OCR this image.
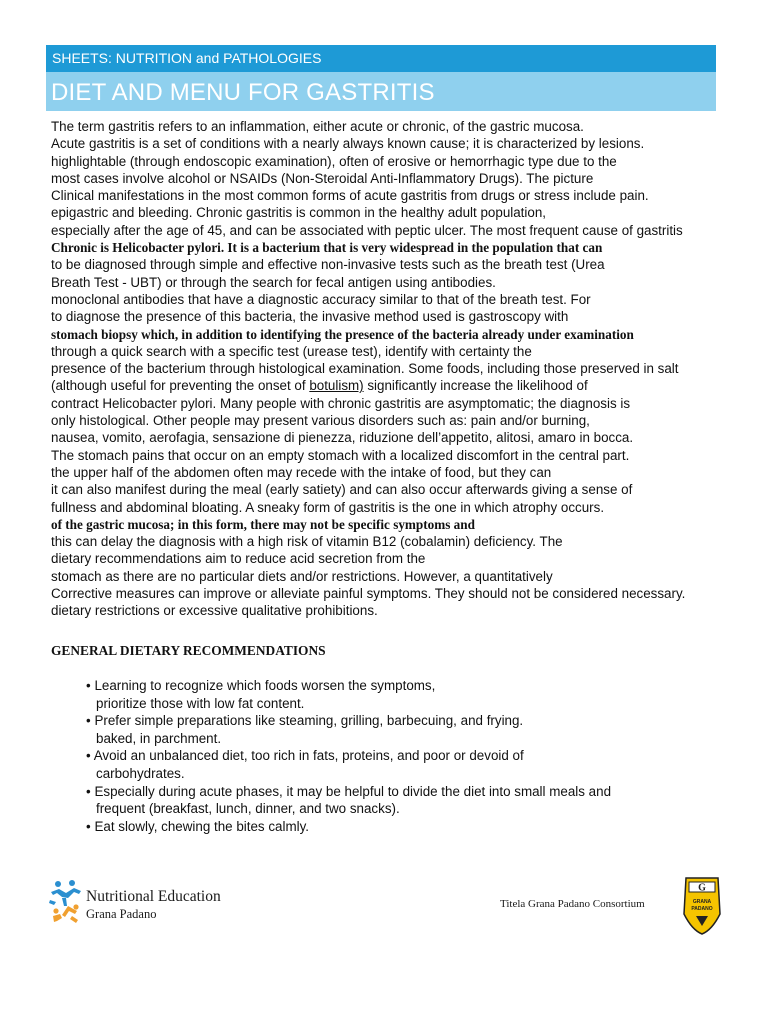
SHEETS: NUTRITION and PATHOLOGIES
DIET AND MENU FOR GASTRITIS
The term gastritis refers to an inflammation, either acute or chronic, of the gastric mucosa.
Acute gastritis is a set of conditions with a nearly always known cause; it is characterized by lesions.
highlightable (through endoscopic examination), often of erosive or hemorrhagic type due to the
most cases involve alcohol or NSAIDs (Non-Steroidal Anti-Inflammatory Drugs). The picture
Clinical manifestations in the most common forms of acute gastritis from drugs or stress include pain.
epigastric and bleeding. Chronic gastritis is common in the healthy adult population,
especially after the age of 45, and can be associated with peptic ulcer. The most frequent cause of gastritis
Chronic is Helicobacter pylori. It is a bacterium that is very widespread in the population that can
to be diagnosed through simple and effective non-invasive tests such as the breath test (Urea
Breath Test - UBT) or through the search for fecal antigen using antibodies.
monoclonal antibodies that have a diagnostic accuracy similar to that of the breath test. For
to diagnose the presence of this bacteria, the invasive method used is gastroscopy with
stomach biopsy which, in addition to identifying the presence of the bacteria already under examination
through a quick search with a specific test (urease test), identify with certainty the
presence of the bacterium through histological examination. Some foods, including those preserved in salt
(although useful for preventing the onset of botulism) significantly increase the likelihood of
contract Helicobacter pylori. Many people with chronic gastritis are asymptomatic; the diagnosis is
only histological. Other people may present various disorders such as: pain and/or burning,
nausea, vomito, aerofagia, sensazione di pienezza, riduzione dell’appetito, alitosi, amaro in bocca.
The stomach pains that occur on an empty stomach with a localized discomfort in the central part.
the upper half of the abdomen often may recede with the intake of food, but they can
it can also manifest during the meal (early satiety) and can also occur afterwards giving a sense of
fullness and abdominal bloating. A sneaky form of gastritis is the one in which atrophy occurs.
of the gastric mucosa; in this form, there may not be specific symptoms and
this can delay the diagnosis with a high risk of vitamin B12 (cobalamin) deficiency. The
dietary recommendations aim to reduce acid secretion from the
stomach as there are no particular diets and/or restrictions. However, a quantitatively
Corrective measures can improve or alleviate painful symptoms. They should not be considered necessary.
dietary restrictions or excessive qualitative prohibitions.
GENERAL DIETARY RECOMMENDATIONS
• Learning to recognize which foods worsen the symptoms,
prioritize those with low fat content.
• Prefer simple preparations like steaming, grilling, barbecuing, and frying.
baked, in parchment.
• Avoid an unbalanced diet, too rich in fats, proteins, and poor or devoid of
carbohydrates.
• Especially during acute phases, it may be helpful to divide the diet into small meals and
frequent (breakfast, lunch, dinner, and two snacks).
• Eat slowly, chewing the bites calmly.
Nutritional Education
Grana Padano
Titela Grana Padano Consortium
G
GRANA
PADANO
